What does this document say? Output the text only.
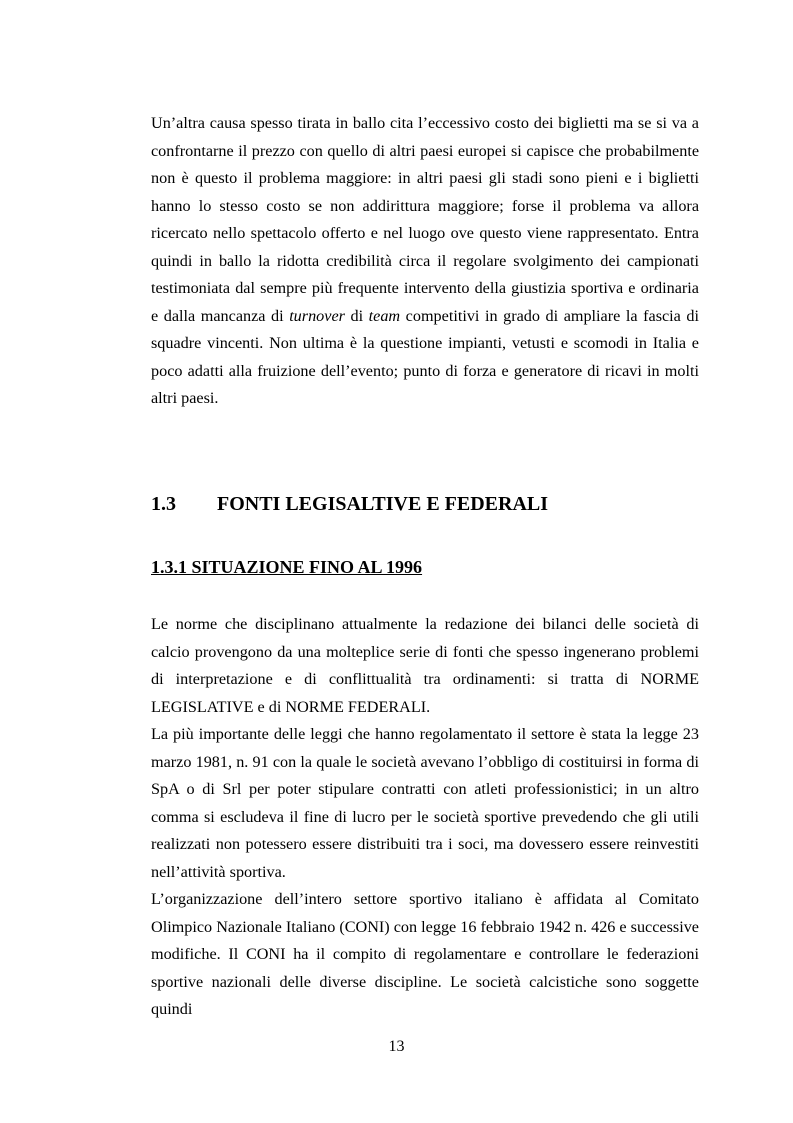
Un’altra causa spesso tirata in ballo cita l’eccessivo costo dei biglietti ma se si va a confrontarne il prezzo con quello di altri paesi europei si capisce che probabilmente non è questo il problema maggiore: in altri paesi gli stadi sono pieni e i biglietti hanno lo stesso costo se non addirittura maggiore; forse il problema va allora ricercato nello spettacolo offerto e nel luogo ove questo viene rappresentato. Entra quindi in ballo la ridotta credibilità circa il regolare svolgimento dei campionati testimoniata dal sempre più frequente intervento della giustizia sportiva e ordinaria e dalla mancanza di turnover di team competitivi in grado di ampliare la fascia di squadre vincenti. Non ultima è la questione impianti, vetusti e scomodi in Italia e poco adatti alla fruizione dell’evento; punto di forza e generatore di ricavi in molti altri paesi.

1.3 FONTI LEGISALTIVE E FEDERALI
1.3.1 SITUAZIONE FINO AL 1996

Le norme che disciplinano attualmente la redazione dei bilanci delle società di calcio provengono da una molteplice serie di fonti che spesso ingenerano problemi di interpretazione e di conflittualità tra ordinamenti: si tratta di NORME LEGISLATIVE e di NORME FEDERALI.

La più importante delle leggi che hanno regolamentato il settore è stata la legge 23 marzo 1981, n. 91 con la quale le società avevano l’obbligo di costituirsi in forma di SpA o di Srl per poter stipulare contratti con atleti professionistici; in un altro comma si escludeva il fine di lucro per le società sportive prevedendo che gli utili realizzati non potessero essere distribuiti tra i soci, ma dovessero essere reinvestiti nell’attività sportiva.

L’organizzazione dell’intero settore sportivo italiano è affidata al Comitato Olimpico Nazionale Italiano (CONI) con legge 16 febbraio 1942 n. 426 e successive modifiche. Il CONI ha il compito di regolamentare e controllare le federazioni sportive nazionali delle diverse discipline. Le società calcistiche sono soggette quindi

13
